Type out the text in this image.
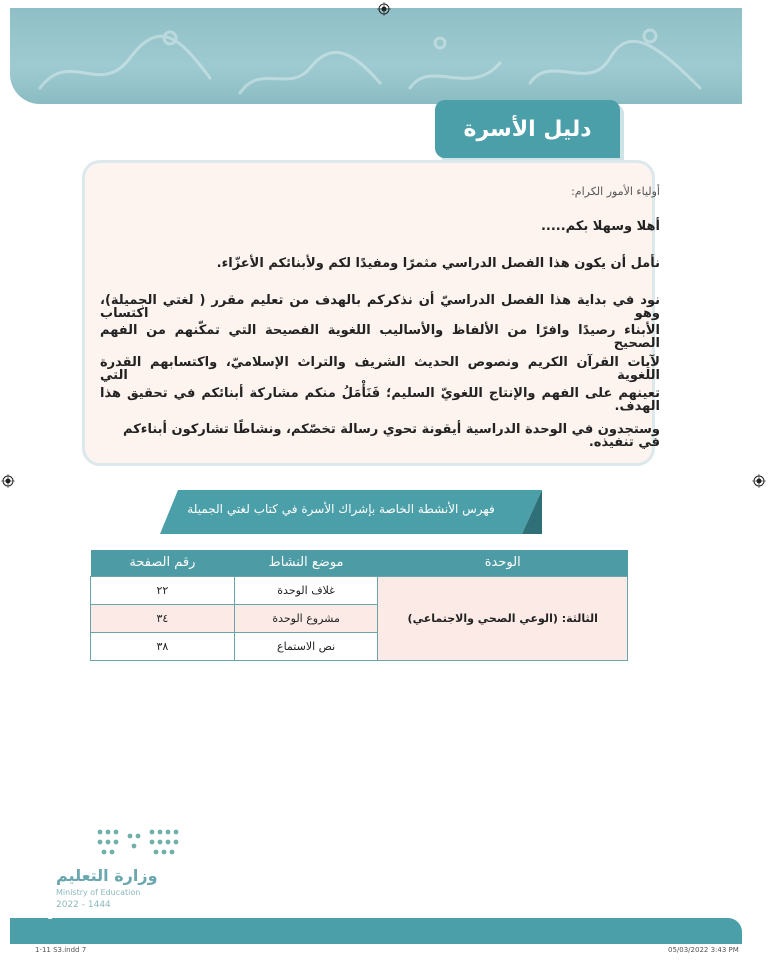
دليل الأسرة
أولياء الأمور الكرام:
أهلا وسهلا بكم.....
نأمل أن يكون هذا الفصل الدراسي مثمرًا ومفيدًا لكم ولأبنائكم الأعزّاء.
نود في بداية هذا الفصل الدراسيّ أن نذكركم بالهدف من تعليم مقرر ( لغتي الجميلة)، وهو اكتساب
الأبناء رصيدًا وافرًا من الألفاظ والأساليب اللغوية الفصيحة التي تمكّنهم من الفهم الصحيح
لآيات القرآن الكريم ونصوص الحديث الشريف والتراث الإسلاميّ، واكتسابهم القدرة اللغوية التي
تعينهم على الفهم والإنتاج اللغويّ السليم؛ فَنَأْمَلُ منكم مشاركة أبنائكم في تحقيق هذا الهدف.
وستجدون في الوحدة الدراسية أيقونة تحوي رسالة تخصّكم، ونشاطًا تشاركون أبناءكم في تنفيذه.
فهرس الأنشطة الخاصة بإشراك الأسرة في كتاب لغتي الجميلة
الوحدة	موضع النشاط	رقم الصفحة
الثالثة: (الوعي الصحي والاجتماعي)	غلاف الوحدة	٢٢
	مشروع الوحدة	٣٤
	نص الاستماع	٣٨
وزارة التعليم
Ministry of Education
2022 - 1444
٧
1-11 S3.indd 7	05/03/2022 3:43 PM
